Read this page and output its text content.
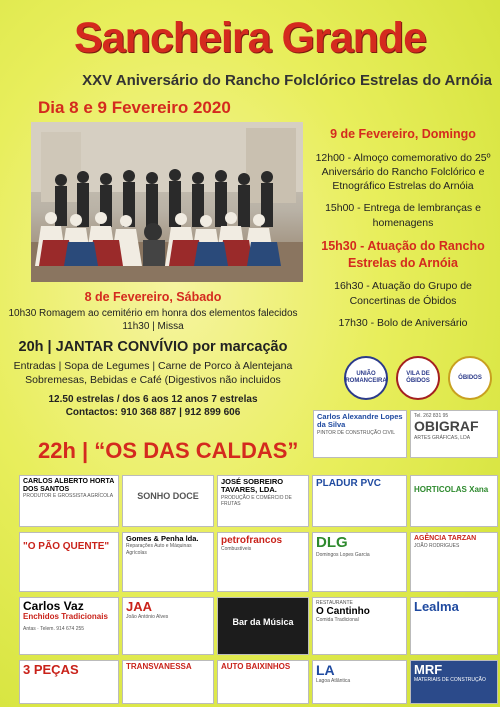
Sancheira Grande
XXV Aniversário do Rancho Folclórico Estrelas do Arnóia
Dia 8 e 9 Fevereiro 2020
9 de Fevereiro, Domingo

12h00 - Almoço comemorativo do 25º Aniversário do Rancho Folclórico e Etnográfico Estrelas do Arnóia

15h00 - Entrega de lembranças e homenagens

15h30 - Atuação do Rancho Estrelas do Arnóia

16h30 - Atuação do Grupo de Concertinas de Óbidos

17h30 - Bolo de Aniversário

8 de Fevereiro, Sábado
10h30 Romagem ao cemitério em honra dos elementos falecidos
11h30 | Missa
20h | JANTAR CONVÍVIO por marcação
Entradas | Sopa de Legumes | Carne de Porco à Alentejana
Sobremesas, Bebidas e Café (Digestivos não incluidos
12.50 estrelas / dos 6 aos 12 anos 7 estrelas
Contactos: 910 368 887 | 912 899 606
22h | “OS DAS CALDAS”
UNIÃO ROMANCEIRA
VILA DE ÓBIDOS
ÓBIDOS
Carlos Alexandre Lopes da Silva
PINTOR DE CONSTRUÇÃO CIVIL
Tel. 262 831 95
OBIGRAF
ARTES GRÁFICAS, LDA
CARLOS ALBERTO HORTA DOS SANTOS
PRODUTOR E GROSSISTA AGRÍCOLA	SONHO DOCE
JOSÉ SOBREIRO TAVARES, LDA.
PRODUÇÃO E COMÉRCIO DE FRUTAS
PLADUR PVC
HORTICOLAS Xana
"O PÃO QUENTE"
Gomes & Penha lda.
Reparações Auto e Máquinas Agrícolas
petrofrancos
Combustíveis	DLG
Domingos Lopes Garcia
AGÊNCIA TARZAN
JOÃO RODRIGUES
Carlos Vaz
Enchidos Tradicionais
Antas · Telem. 914 674 255
JAA
João António Alves	Bar da Música
RESTAURANTE
O Cantinho
Comida Tradicional
Lealma
3 PEÇAS	TRANSVANESSA	AUTO BAIXINHOS	LA
Lagoa Atlântica
MRF
MATERIAIS DE CONSTRUÇÃO
